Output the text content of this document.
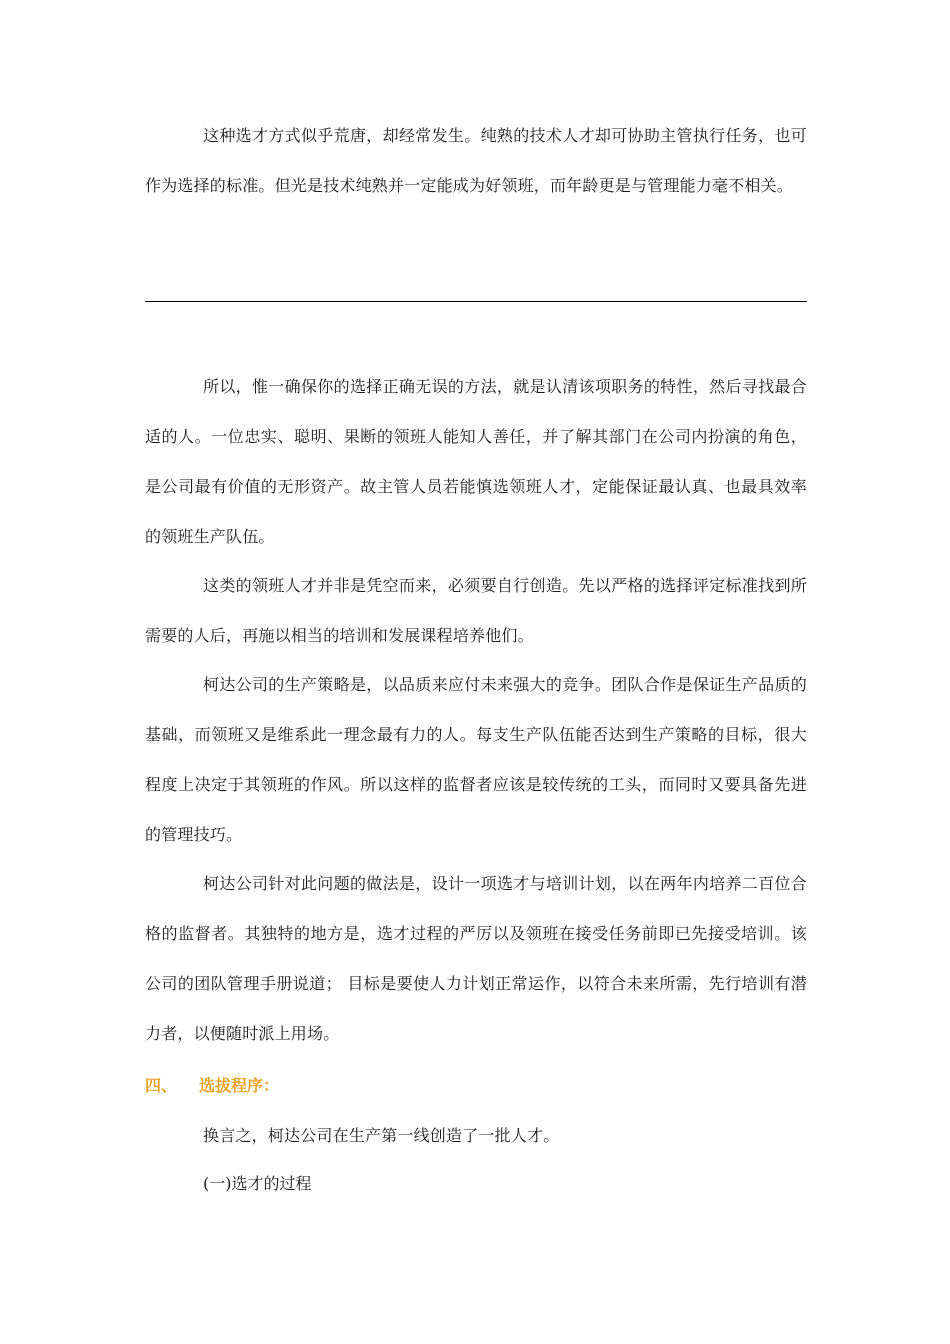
这种选才方式似乎荒唐，却经常发生。纯熟的技术人才却可协助主管执行任务，也可作为选择的标准。但光是技术纯熟并一定能成为好领班，而年龄更是与管理能力毫不相关。

所以，惟一确保你的选择正确无误的方法，就是认清该项职务的特性，然后寻找最合适的人。一位忠实、聪明、果断的领班人能知人善任，并了解其部门在公司内扮演的角色，是公司最有价值的无形资产。故主管人员若能慎选领班人才，定能保证最认真、也最具效率的领班生产队伍。

这类的领班人才并非是凭空而来，必须要自行创造。先以严格的选择评定标准找到所需要的人后，再施以相当的培训和发展课程培养他们。

柯达公司的生产策略是，以品质来应付未来强大的竞争。团队合作是保证生产品质的基础，而领班又是维系此一理念最有力的人。每支生产队伍能否达到生产策略的目标，很大程度上决定于其领班的作风。所以这样的监督者应该是较传统的工头，而同时又要具备先进的管理技巧。

柯达公司针对此问题的做法是，设计一项选才与培训计划，以在两年内培养二百位合格的监督者。其独特的地方是，选才过程的严厉以及领班在接受任务前即已先接受培训。该公司的团队管理手册说道； 目标是要使人力计划正常运作，以符合未来所需，先行培训有潜力者，以便随时派上用场。

四、 选拔程序：

换言之，柯达公司在生产第一线创造了一批人才。

(一)选才的过程
